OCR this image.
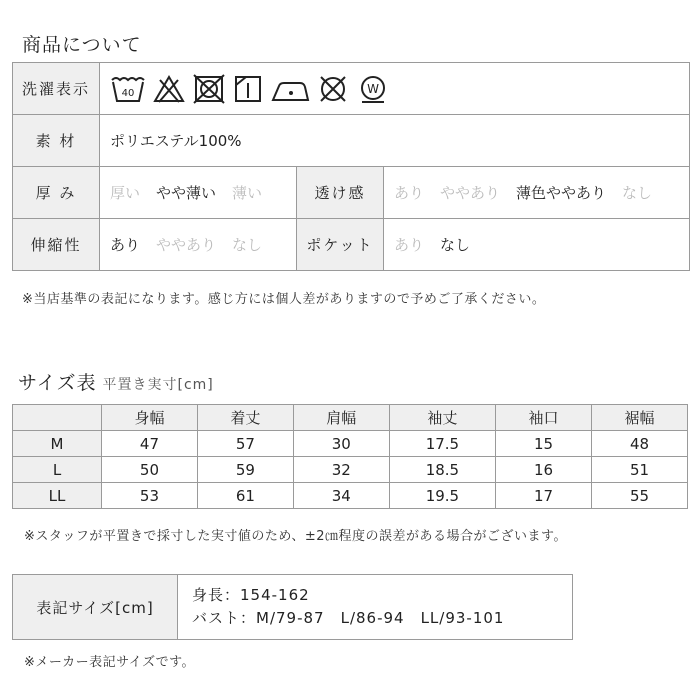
商品について
洗濯表示	40 W		

素 材	ポリエステル100%		
厚 み	厚い やや薄い 薄い	透け感	あり ややあり 薄色ややあり なし
伸縮性	あり ややあり なし	ポケット	あり なし
※当店基準の表記になります。感じ方には個人差がありますので予めご了承ください。
サイズ表 平置き実寸[cm]
	身幅	着丈	肩幅	袖丈	袖口	裾幅
M	47	57	30	17.5	15	48
L	50	59	32	18.5	16	51
LL	53	61	34	19.5	17	55
※スタッフが平置きで採寸した実寸値のため、±2㎝程度の誤差がある場合がございます。
表記サイズ[cm]	
身長：154-162
バスト：M/79-87　L/86-94　LL/93-101
※メーカー表記サイズです。
